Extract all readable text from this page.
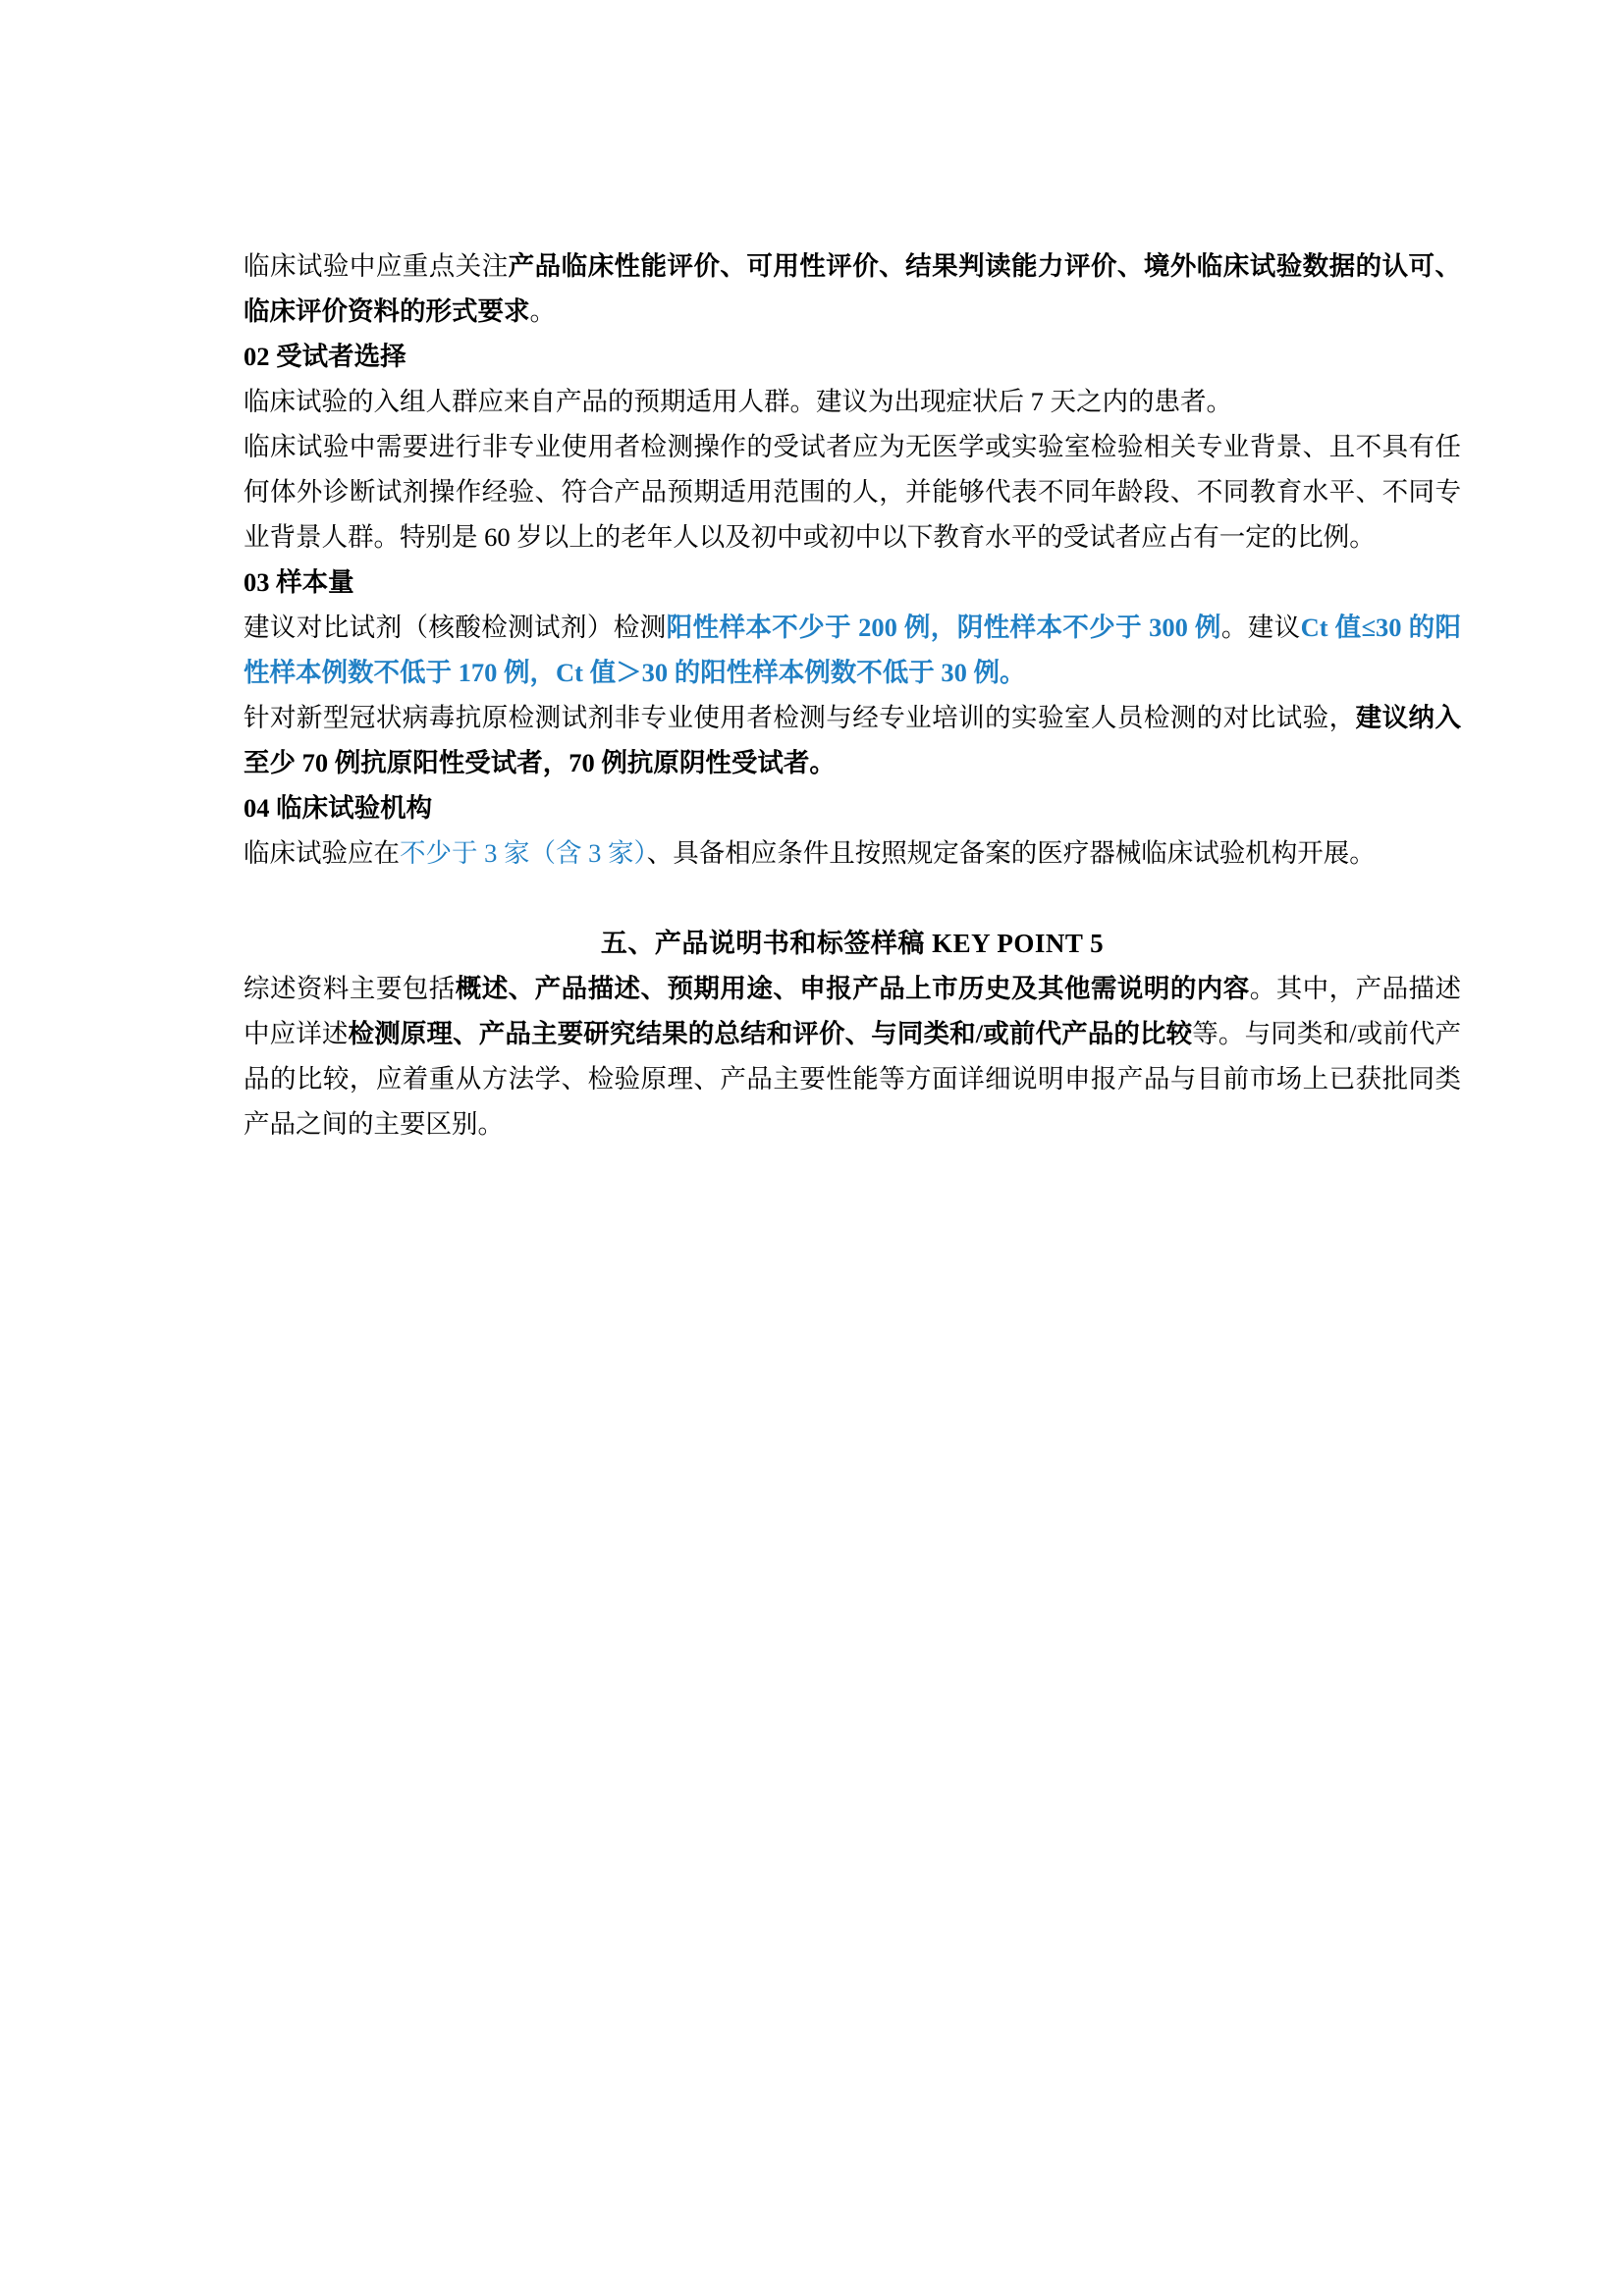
临床试验中应重点关注产品临床性能评价、可用性评价、结果判读能力评价、境外临床试验数据的认可、临床评价资料的形式要求。

02 受试者选择

临床试验的入组人群应来自产品的预期适用人群。建议为出现症状后 7 天之内的患者。

临床试验中需要进行非专业使用者检测操作的受试者应为无医学或实验室检验相关专业背景、且不具有任何体外诊断试剂操作经验、符合产品预期适用范围的人，并能够代表不同年龄段、不同教育水平、不同专业背景人群。特别是 60 岁以上的老年人以及初中或初中以下教育水平的受试者应占有一定的比例。

03 样本量

建议对比试剂（核酸检测试剂）检测阳性样本不少于 200 例，阴性样本不少于 300 例。建议Ct 值≤30 的阳性样本例数不低于 170 例，Ct 值＞30 的阳性样本例数不低于 30 例。

针对新型冠状病毒抗原检测试剂非专业使用者检测与经专业培训的实验室人员检测的对比试验，建议纳入至少 70 例抗原阳性受试者，70 例抗原阴性受试者。

04 临床试验机构

临床试验应在不少于 3 家（含 3 家）、具备相应条件且按照规定备案的医疗器械临床试验机构开展。

五、产品说明书和标签样稿 KEY POINT 5

综述资料主要包括概述、产品描述、预期用途、申报产品上市历史及其他需说明的内容。其中，产品描述中应详述检测原理、产品主要研究结果的总结和评价、与同类和/或前代产品的比较等。与同类和/或前代产品的比较，应着重从方法学、检验原理、产品主要性能等方面详细说明申报产品与目前市场上已获批同类产品之间的主要区别。
